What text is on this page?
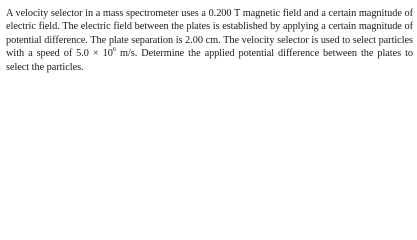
A velocity selector in a mass spectrometer uses a 0.200 T magnetic field and a certain magnitude of electric field. The electric field between the plates is established by applying a certain magnitude of potential difference. The plate separation is 2.00 cm. The velocity selector is used to select particles with a speed of $5.0 \times 10^6$ m/s. Determine the applied potential difference between the plates to select the particles.
